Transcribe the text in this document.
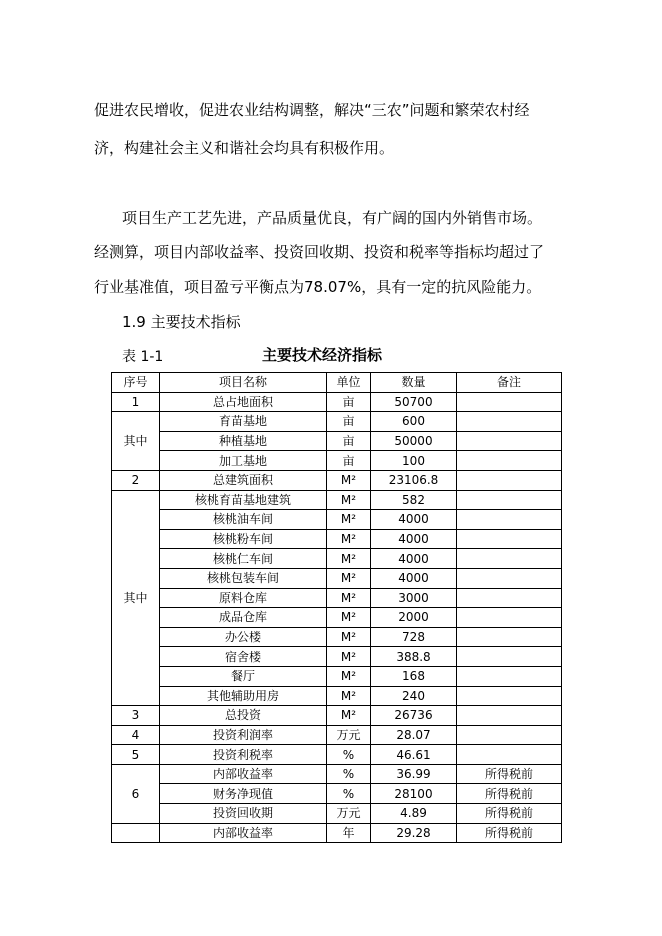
促进农民增收，促进农业结构调整，解决“三农”问题和繁荣农村经
济，构建社会主义和谐社会均具有积极作用。
项目生产工艺先进，产品质量优良，有广阔的国内外销售市场。
经测算，项目内部收益率、投资回收期、投资和税率等指标均超过了
行业基准值，项目盈亏平衡点为78.07%，具有一定的抗风险能力。
1.9 主要技术指标
表 1-1	主要技术经济指标
序号	项目名称	单位	数量	备注
1	总占地面积	亩	50700	
其中	育苗基地	亩	600	
	种植基地	亩	50000	
	加工基地	亩	100	
2	总建筑面积	M²	23106.8	
其中	核桃育苗基地建筑	M²	582	
	核桃油车间	M²	4000	
	核桃粉车间	M²	4000	
	核桃仁车间	M²	4000	
	核桃包装车间	M²	4000	
	原料仓库	M²	3000	
	成品仓库	M²	2000	
	办公楼	M²	728	
	宿舍楼	M²	388.8	
	餐厅	M²	168	
	其他辅助用房	M²	240	
3	总投资	M²	26736	
4	投资利润率	万元	28.07	
5	投资利税率	%	46.61	
6	内部收益率	%	36.99	所得税前
	财务净现值	%	28100	所得税前
	投资回收期	万元	4.89	所得税前
	内部收益率	年	29.28	所得税前
